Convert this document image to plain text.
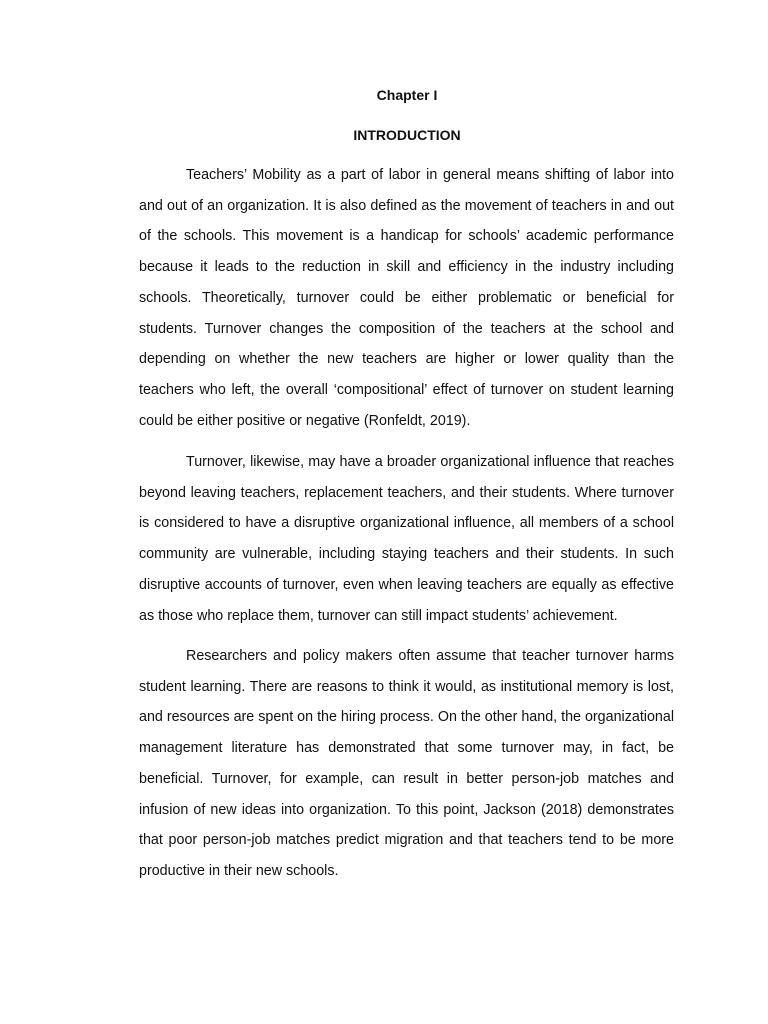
Chapter I
INTRODUCTION

Teachers’ Mobility as a part of labor in general means shifting of labor into and out of an organization. It is also defined as the movement of teachers in and out of the schools. This movement is a handicap for schools’ academic performance because it leads to the reduction in skill and efficiency in the industry including schools. Theoretically, turnover could be either problematic or beneficial for students. Turnover changes the composition of the teachers at the school and depending on whether the new teachers are higher or lower quality than the teachers who left, the overall ‘compositional’ effect of turnover on student learning could be either positive or negative (Ronfeldt, 2019).

Turnover, likewise, may have a broader organizational influence that reaches beyond leaving teachers, replacement teachers, and their students. Where turnover is considered to have a disruptive organizational influence, all members of a school community are vulnerable, including staying teachers and their students. In such disruptive accounts of turnover, even when leaving teachers are equally as effective as those who replace them, turnover can still impact students’ achievement.

Researchers and policy makers often assume that teacher turnover harms student learning. There are reasons to think it would, as institutional memory is lost, and resources are spent on the hiring process. On the other hand, the organizational management literature has demonstrated that some turnover may, in fact, be beneficial. Turnover, for example, can result in better person-job matches and infusion of new ideas into organization. To this point, Jackson (2018) demonstrates that poor person-job matches predict migration and that teachers tend to be more productive in their new schools.
